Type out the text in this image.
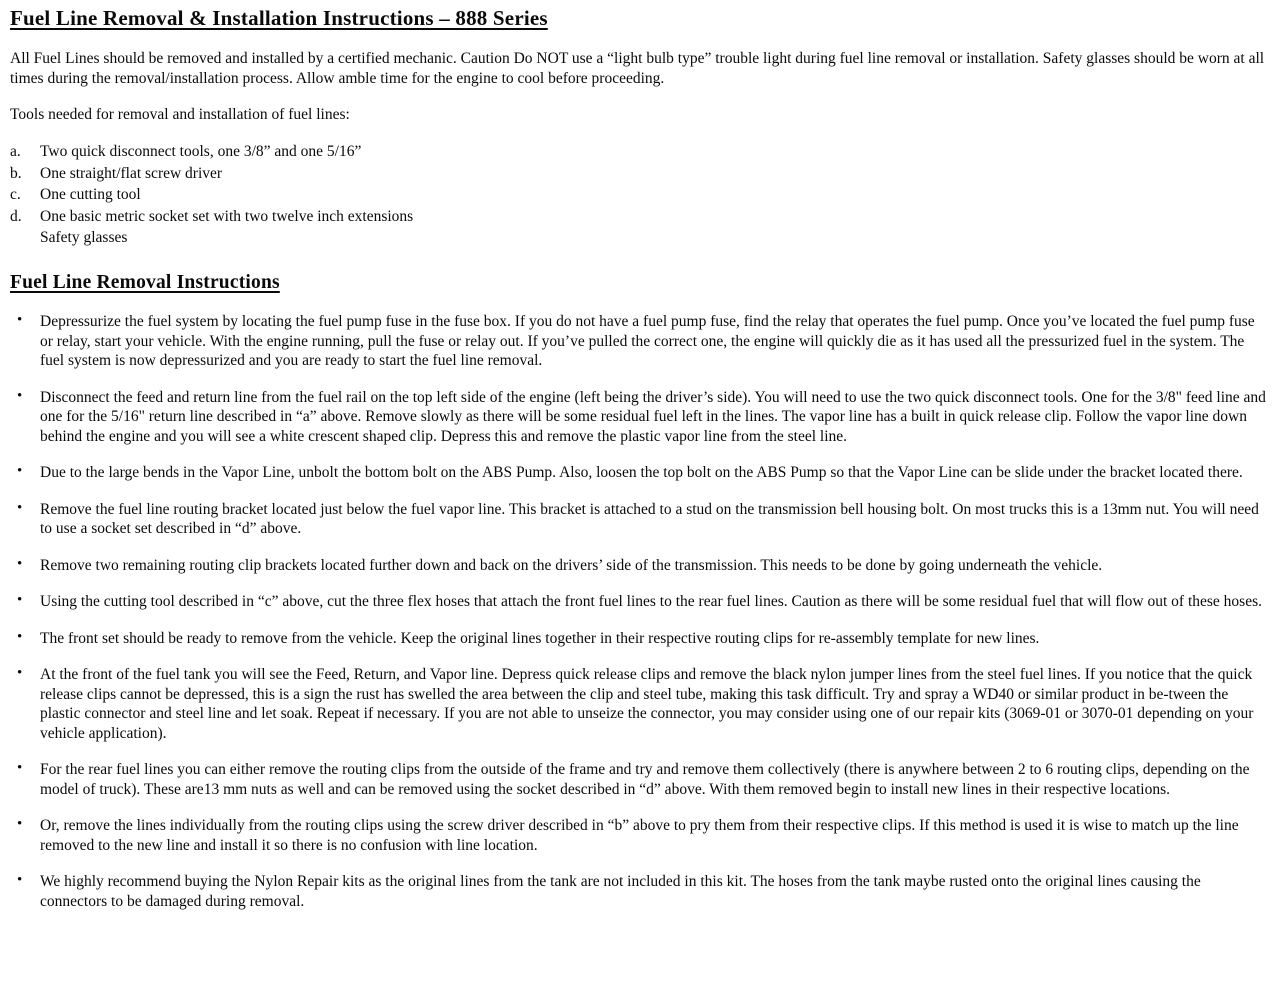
Fuel Line Removal & Installation Instructions – 888 Series

All Fuel Lines should be removed and installed by a certified mechanic. Caution Do NOT use a “light bulb type” trouble light during fuel line removal or installation. Safety glasses should be worn at all times during the removal/installation process. Allow amble time for the engine to cool before proceeding.

Tools needed for removal and installation of fuel lines:

a. Two quick disconnect tools, one 3/8” and one 5/16”
b. One straight/flat screw driver
c. One cutting tool
d. One basic metric socket set with two twelve inch extensions
Safety glasses
Fuel Line Removal Instructions
• Depressurize the fuel system by locating the fuel pump fuse in the fuse box. If you do not have a fuel pump fuse, find the relay that operates the fuel pump. Once you’ve located the fuel pump fuse or relay, start your vehicle. With the engine running, pull the fuse or relay out. If you’ve pulled the correct one, the engine will quickly die as it has used all the pressurized fuel in the system. The fuel system is now depressurized and you are ready to start the fuel line removal.
• Disconnect the feed and return line from the fuel rail on the top left side of the engine (left being the driver’s side). You will need to use the two quick disconnect tools. One for the 3/8" feed line and one for the 5/16" return line described in “a” above. Remove slowly as there will be some residual fuel left in the lines. The vapor line has a built in quick release clip. Follow the vapor line down behind the engine and you will see a white crescent shaped clip. Depress this and remove the plastic vapor line from the steel line.
• Due to the large bends in the Vapor Line, unbolt the bottom bolt on the ABS Pump. Also, loosen the top bolt on the ABS Pump so that the Vapor Line can be slide under the bracket located there.
• Remove the fuel line routing bracket located just below the fuel vapor line. This bracket is attached to a stud on the transmission bell housing bolt. On most trucks this is a 13mm nut. You will need to use a socket set described in “d” above.
• Remove two remaining routing clip brackets located further down and back on the drivers’ side of the transmission. This needs to be done by going underneath the vehicle.
• Using the cutting tool described in “c” above, cut the three flex hoses that attach the front fuel lines to the rear fuel lines. Caution as there will be some residual fuel that will flow out of these hoses.
• The front set should be ready to remove from the vehicle. Keep the original lines together in their respective routing clips for re-assembly template for new lines.
• At the front of the fuel tank you will see the Feed, Return, and Vapor line. Depress quick release clips and remove the black nylon jumper lines from the steel fuel lines. If you notice that the quick release clips cannot be depressed, this is a sign the rust has swelled the area between the clip and steel tube, making this task difficult. Try and spray a WD40 or similar product in be-tween the plastic connector and steel line and let soak. Repeat if necessary. If you are not able to unseize the connector, you may consider using one of our repair kits (3069-01 or 3070-01 depending on your vehicle application).
• For the rear fuel lines you can either remove the routing clips from the outside of the frame and try and remove them collectively (there is anywhere between 2 to 6 routing clips, depending on the model of truck). These are13 mm nuts as well and can be removed using the socket described in “d” above. With them removed begin to install new lines in their respective locations.
• Or, remove the lines individually from the routing clips using the screw driver described in “b” above to pry them from their respective clips. If this method is used it is wise to match up the line removed to the new line and install it so there is no confusion with line location.
• We highly recommend buying the Nylon Repair kits as the original lines from the tank are not included in this kit. The hoses from the tank maybe rusted onto the original lines causing the connectors to be damaged during removal.
